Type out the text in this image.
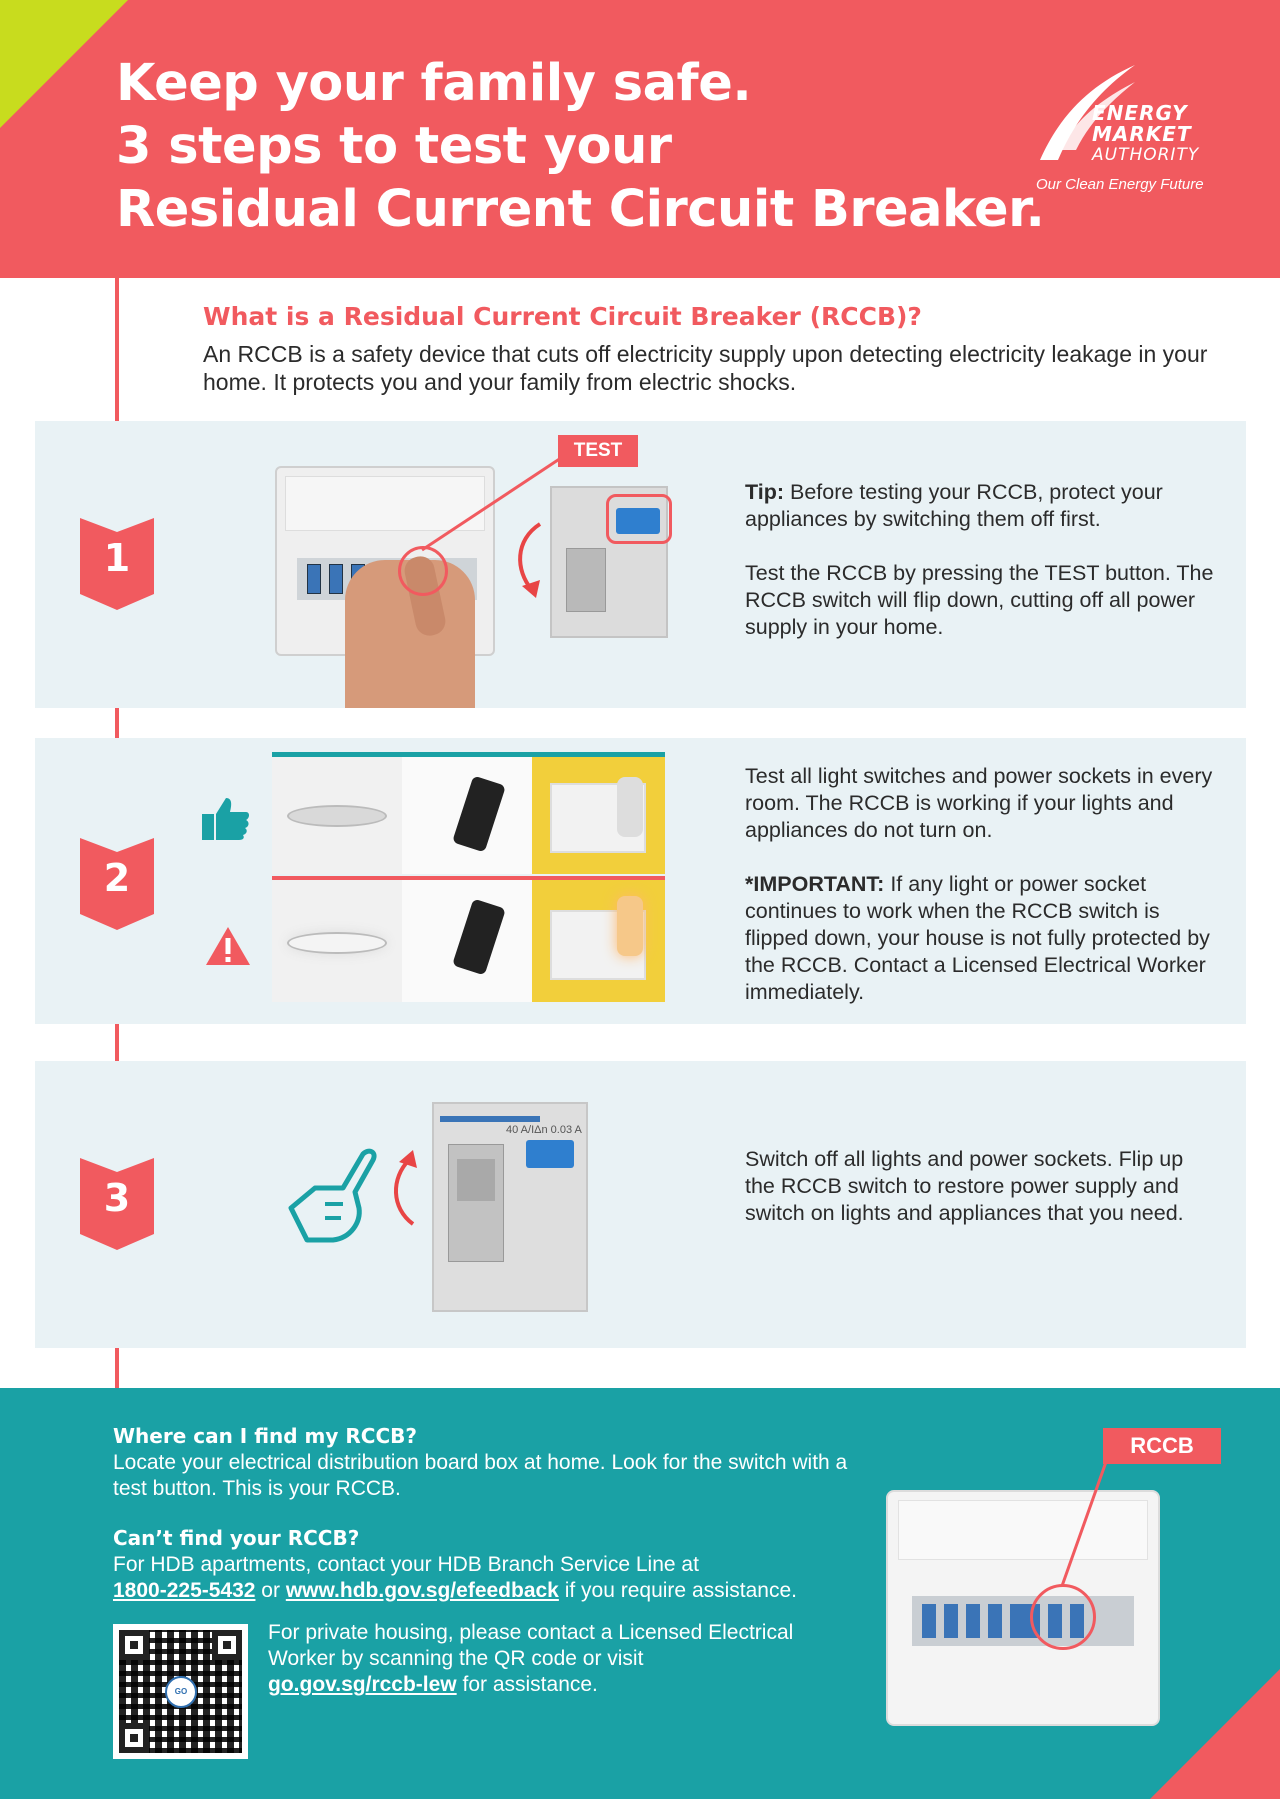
Keep your family safe.
3 steps to test your
Residual Current Circuit Breaker.
ENERGY
MARKET
AUTHORITY
Our Clean Energy Future
What is a Residual Current Circuit Breaker (RCCB)?
An RCCB is a safety device that cuts off electricity supply upon detecting electricity leakage in your home. It protects you and your family from electric shocks.
1
2
3
TEST

Tip: Before testing your RCCB, protect your appliances by switching them off first.

Test the RCCB by pressing the TEST button. The RCCB switch will flip down, cutting off all power supply in your home.

Test all light switches and power sockets in every room. The RCCB is working if your lights and appliances do not turn on.

*IMPORTANT: If any light or power socket continues to work when the RCCB switch is flipped down, your house is not fully protected by the RCCB. Contact a Licensed Electrical Worker immediately.

40 A/IΔn 0.03 A

Switch off all lights and power sockets. Flip up the RCCB switch to restore power supply and switch on lights and appliances that you need.

Where can I find my RCCB?
Locate your electrical distribution board box at home. Look for the switch with a test button. This is your RCCB.
Can’t find your RCCB?
For HDB apartments, contact your HDB Branch Service Line at
1800-225-5432 or www.hdb.gov.sg/efeedback if you require assistance.
GO
For private housing, please contact a Licensed Electrical Worker by scanning the QR code or visit
go.gov.sg/rccb-lew for assistance.
RCCB
